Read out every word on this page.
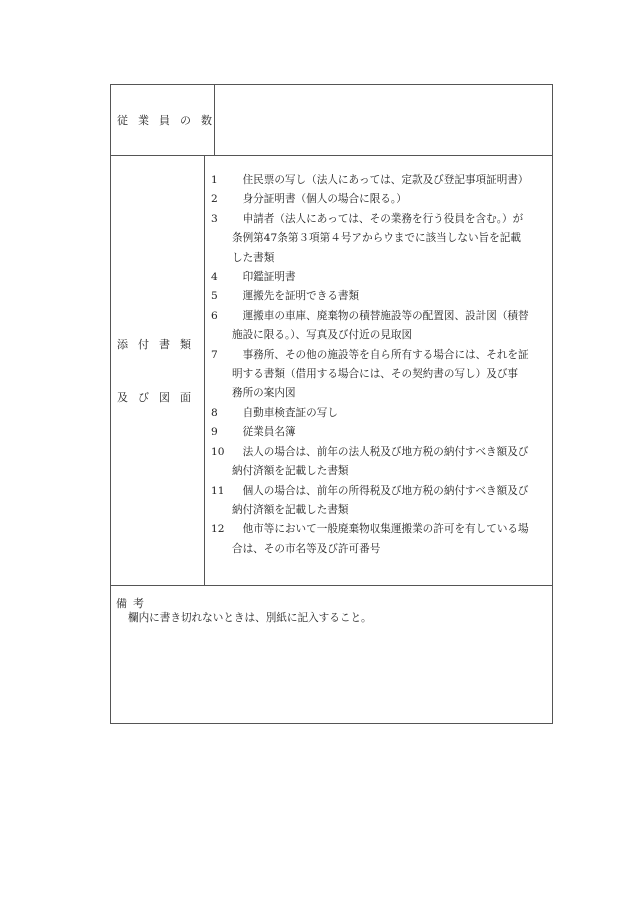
従業員の数
添付書類
及び図面
1 　住民票の写し（法人にあっては、定款及び登記事項証明書）
2 　身分証明書（個人の場合に限る。）
3	　申請者（法人にあっては、その業務を行う役員を含む。）が
条例第47条第３項第４号アからウまでに該当しない旨を記載
した書類
4 　印鑑証明書
5 　運搬先を証明できる書類
6	　運搬車の車庫、廃棄物の積替施設等の配置図、設計図（積替
施設に限る。）、写真及び付近の見取図
7	　事務所、その他の施設等を自ら所有する場合には、それを証
明する書類（借用する場合には、その契約書の写し）及び事
務所の案内図
8 　自動車検査証の写し
9 　従業員名簿
10	　法人の場合は、前年の法人税及び地方税の納付すべき額及び
納付済額を記載した書類
11	　個人の場合は、前年の所得税及び地方税の納付すべき額及び
納付済額を記載した書類
12	　他市等において一般廃棄物収集運搬業の許可を有している場
合は、その市名等及び許可番号
備考
欄内に書き切れないときは、別紙に記入すること。
